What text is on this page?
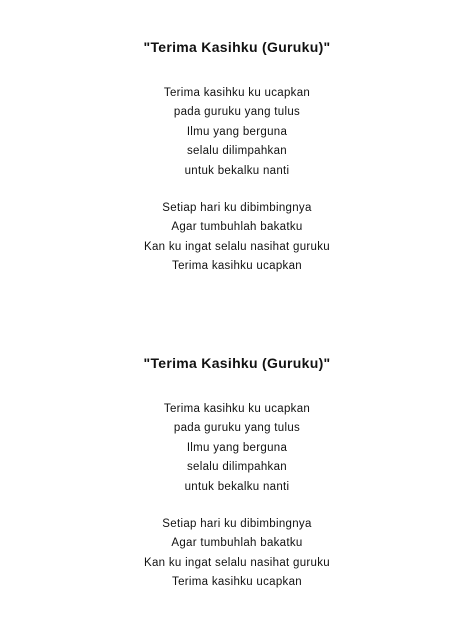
"Terima Kasihku (Guruku)"

Terima kasihku ku ucapkan

pada guruku yang tulus

Ilmu yang berguna

selalu dilimpahkan

untuk bekalku nanti

Setiap hari ku dibimbingnya

Agar tumbuhlah bakatku

Kan ku ingat selalu nasihat guruku

Terima kasihku ucapkan

"Terima Kasihku (Guruku)"

Terima kasihku ku ucapkan

pada guruku yang tulus

Ilmu yang berguna

selalu dilimpahkan

untuk bekalku nanti

Setiap hari ku dibimbingnya

Agar tumbuhlah bakatku

Kan ku ingat selalu nasihat guruku

Terima kasihku ucapkan
